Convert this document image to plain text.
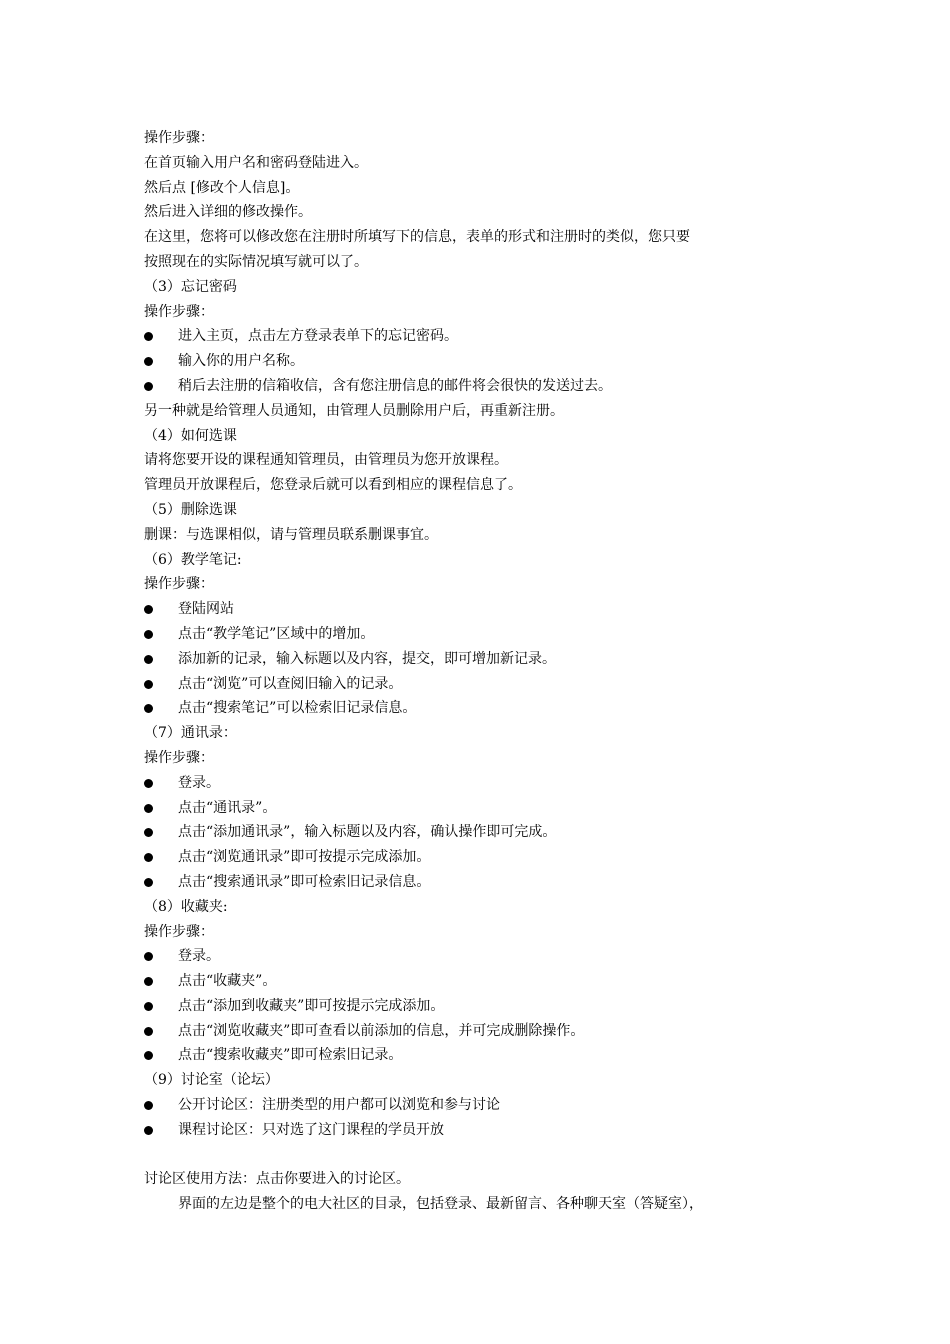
操作步骤：
在首页输入用户名和密码登陆进入。
然后点 [修改个人信息]。
然后进入详细的修改操作。
在这里，您将可以修改您在注册时所填写下的信息，表单的形式和注册时的类似，您只要
按照现在的实际情况填写就可以了。
（3）忘记密码
操作步骤：
进入主页，点击左方登录表单下的忘记密码。
输入你的用户名称。
稍后去注册的信箱收信，含有您注册信息的邮件将会很快的发送过去。
另一种就是给管理人员通知，由管理人员删除用户后，再重新注册。
（4）如何选课
请将您要开设的课程通知管理员，由管理员为您开放课程。
管理员开放课程后，您登录后就可以看到相应的课程信息了。
（5）删除选课
删课：与选课相似，请与管理员联系删课事宜。
（6）教学笔记:
操作步骤：
登陆网站
点击“教学笔记”区域中的增加。
添加新的记录，输入标题以及内容，提交，即可增加新记录。
点击“浏览”可以查阅旧输入的记录。
点击“搜索笔记”可以检索旧记录信息。
（7）通讯录：
操作步骤：
登录。
点击“通讯录”。
点击“添加通讯录”，输入标题以及内容，确认操作即可完成。
点击“浏览通讯录”即可按提示完成添加。
点击“搜索通讯录”即可检索旧记录信息。
（8）收藏夹:
操作步骤：
登录。
点击“收藏夹”。
点击“添加到收藏夹”即可按提示完成添加。
点击“浏览收藏夹”即可查看以前添加的信息，并可完成删除操作。
点击“搜索收藏夹”即可检索旧记录。
（9）讨论室（论坛）
公开讨论区：注册类型的用户都可以浏览和参与讨论
课程讨论区：只对选了这门课程的学员开放
讨论区使用方法：点击你要进入的讨论区。
界面的左边是整个的电大社区的目录，包括登录、最新留言、各种聊天室（答疑室），
